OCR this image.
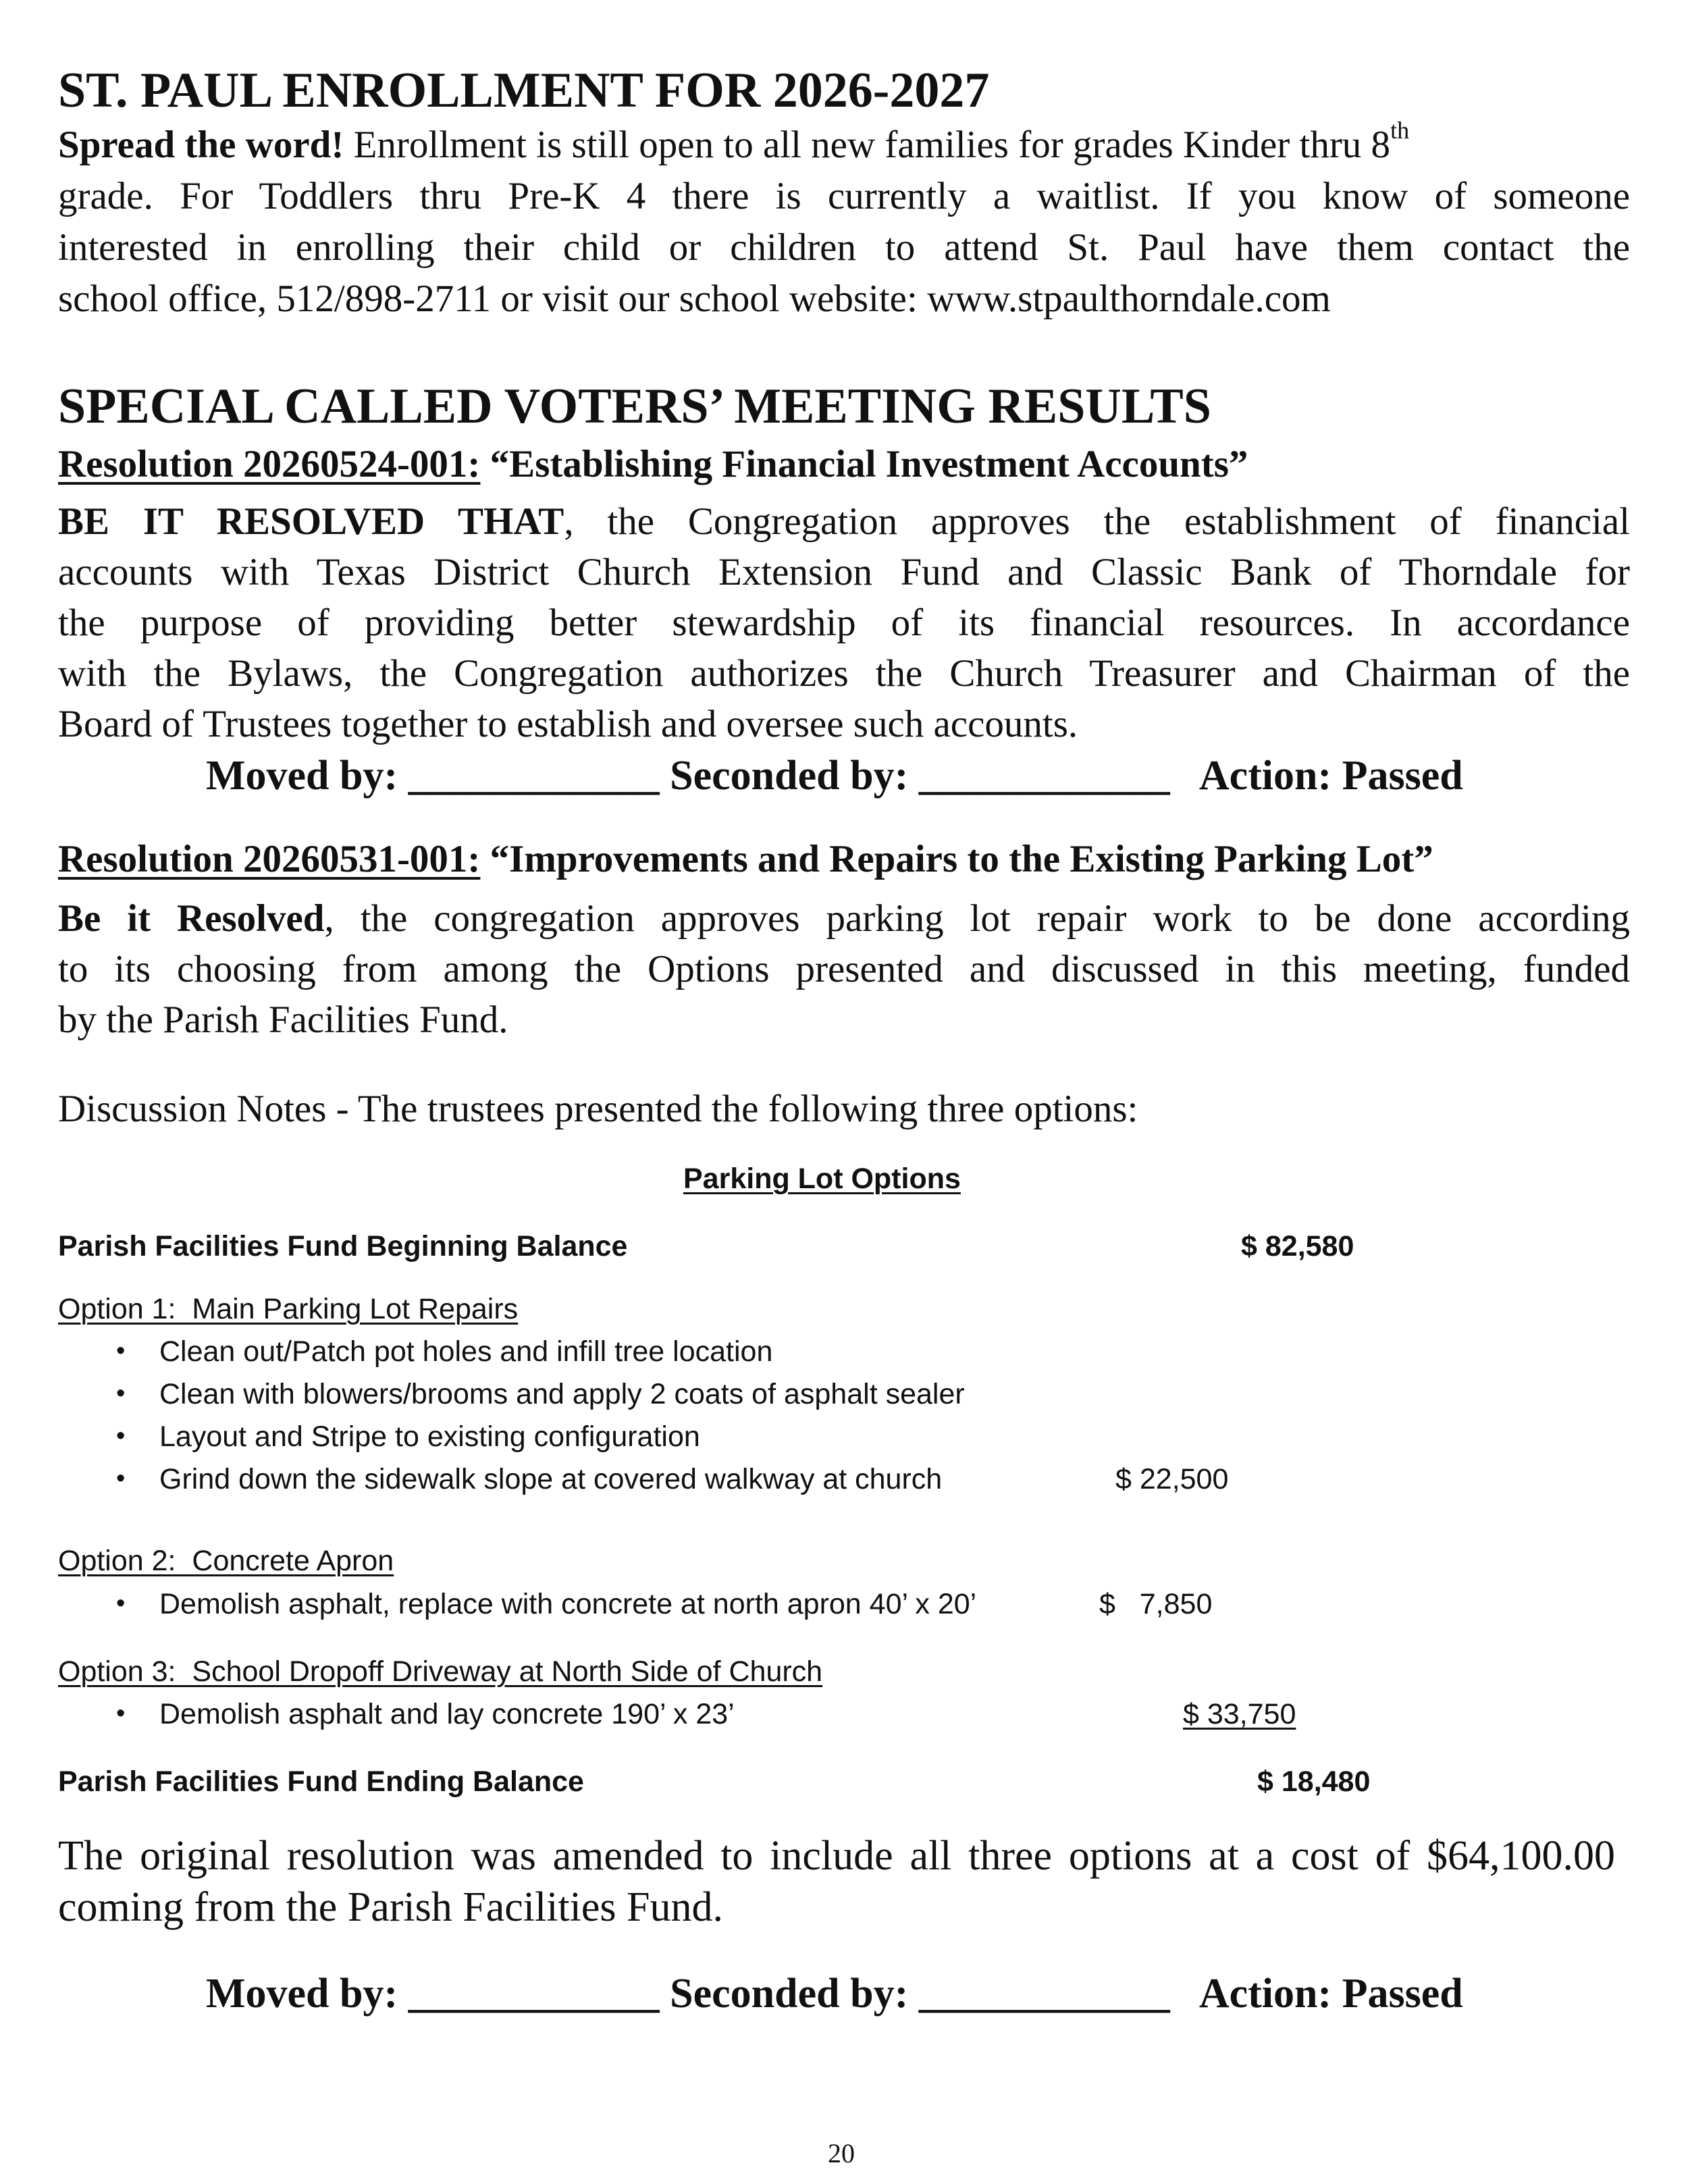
ST. PAUL ENROLLMENT FOR 2026-2027
Spread the word! Enrollment is still open to all new families for grades Kinder thru 8th
grade. For Toddlers thru Pre-K 4 there is currently a waitlist. If you know of someone
interested in enrolling their child or children to attend St. Paul have them contact the
school office, 512/898-2711 or visit our school website: www.stpaulthorndale.com
SPECIAL CALLED VOTERS’ MEETING RESULTS
Resolution 20260524-001: “Establishing Financial Investment Accounts”
BE IT RESOLVED THAT, the Congregation approves the establishment of financial
accounts with Texas District Church Extension Fund and Classic Bank of Thorndale for
the purpose of providing better stewardship of its financial resources. In accordance
with the Bylaws, the Congregation authorizes the Church Treasurer and Chairman of the
Board of Trustees together to establish and oversee such accounts.
Moved by: ____________ Seconded by: ____________   Action: Passed
Resolution 20260531-001: “Improvements and Repairs to the Existing Parking Lot”
Be it Resolved, the congregation approves parking lot repair work to be done according
to its choosing from among the Options presented and discussed in this meeting, funded
by the Parish Facilities Fund.
Discussion Notes - The trustees presented the following three options:
Parking Lot Options
Parish Facilities Fund Beginning Balance	$ 82,580
Option 1:  Main Parking Lot Repairs
• Clean out/Patch pot holes and infill tree location
• Clean with blowers/brooms and apply 2 coats of asphalt sealer
• Layout and Stripe to existing configuration
• Grind down the sidewalk slope at covered walkway at church	$ 22,500
Option 2:  Concrete Apron
• Demolish asphalt, replace with concrete at north apron 40’ x 20’	$   7,850
Option 3:  School Dropoff Driveway at North Side of Church
• Demolish asphalt and lay concrete 190’ x 23’	$ 33,750
Parish Facilities Fund Ending Balance	$ 18,480
The original resolution was amended to include all three options at a cost of $64,100.00
coming from the Parish Facilities Fund.
Moved by: ____________ Seconded by: ____________   Action: Passed
20
